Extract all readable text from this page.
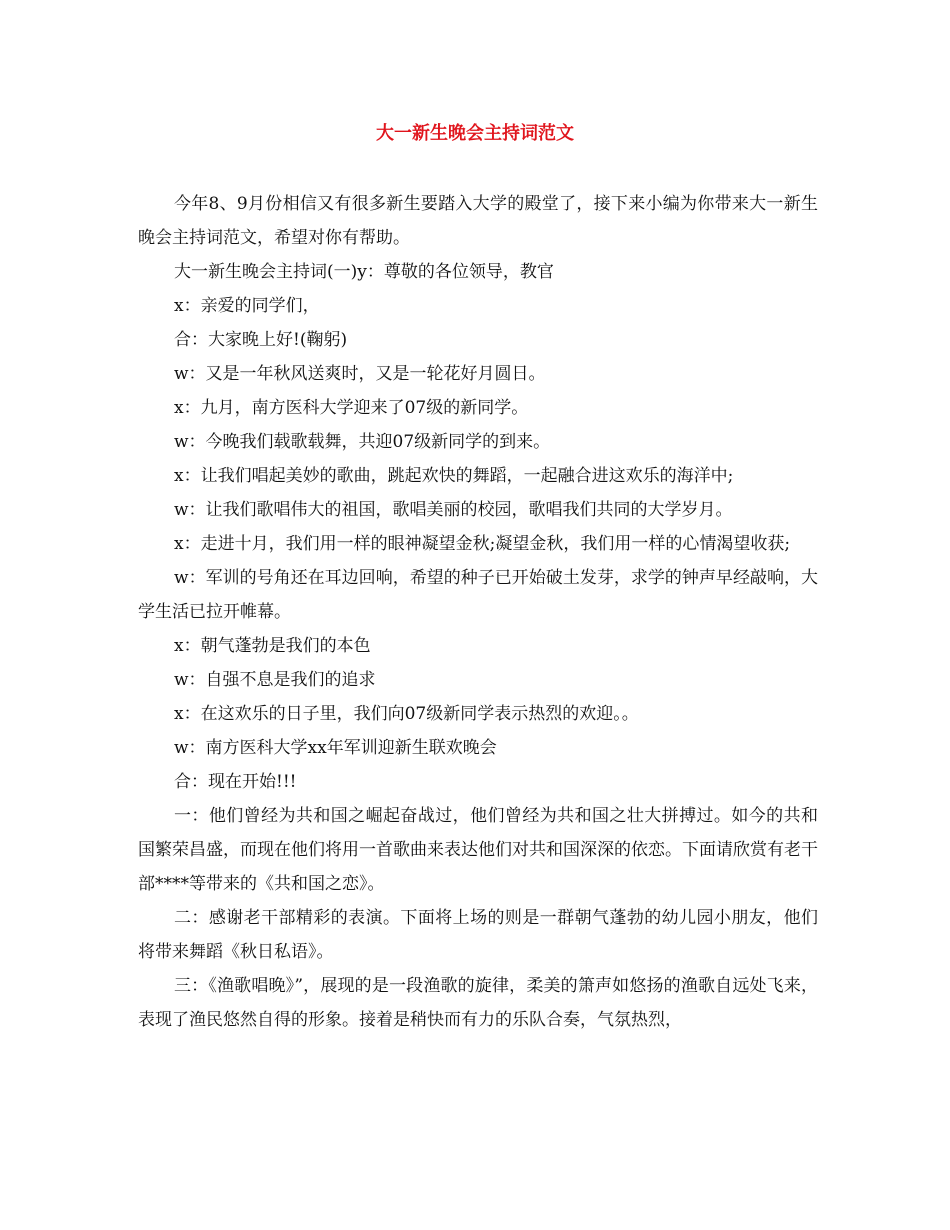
大一新生晚会主持词范文

今年8、9月份相信又有很多新生要踏入大学的殿堂了，接下来小编为你带来大一新生晚会主持词范文，希望对你有帮助。

大一新生晚会主持词(一)y：尊敬的各位领导，教官

x：亲爱的同学们，

合：大家晚上好!(鞠躬)

w：又是一年秋风送爽时，又是一轮花好月圆日。

x：九月，南方医科大学迎来了07级的新同学。

w：今晚我们载歌载舞，共迎07级新同学的到来。

x：让我们唱起美妙的歌曲，跳起欢快的舞蹈，一起融合进这欢乐的海洋中;

w：让我们歌唱伟大的祖国，歌唱美丽的校园，歌唱我们共同的大学岁月。

x：走进十月，我们用一样的眼神凝望金秋;凝望金秋，我们用一样的心情渴望收获;

w：军训的号角还在耳边回响，希望的种子已开始破土发芽，求学的钟声早经敲响，大学生活已拉开帷幕。

x：朝气蓬勃是我们的本色

w：自强不息是我们的追求

x：在这欢乐的日子里，我们向07级新同学表示热烈的欢迎。。

w：南方医科大学xx年军训迎新生联欢晚会

合：现在开始!!!

一：他们曾经为共和国之崛起奋战过，他们曾经为共和国之壮大拼搏过。如今的共和国繁荣昌盛，而现在他们将用一首歌曲来表达他们对共和国深深的依恋。下面请欣赏有老干部****等带来的《共和国之恋》。

二：感谢老干部精彩的表演。下面将上场的则是一群朝气蓬勃的幼儿园小朋友，他们将带来舞蹈《秋日私语》。

三：《渔歌唱晚》”，展现的是一段渔歌的旋律，柔美的箫声如悠扬的渔歌自远处飞来，表现了渔民悠然自得的形象。接着是稍快而有力的乐队合奏，气氛热烈，
